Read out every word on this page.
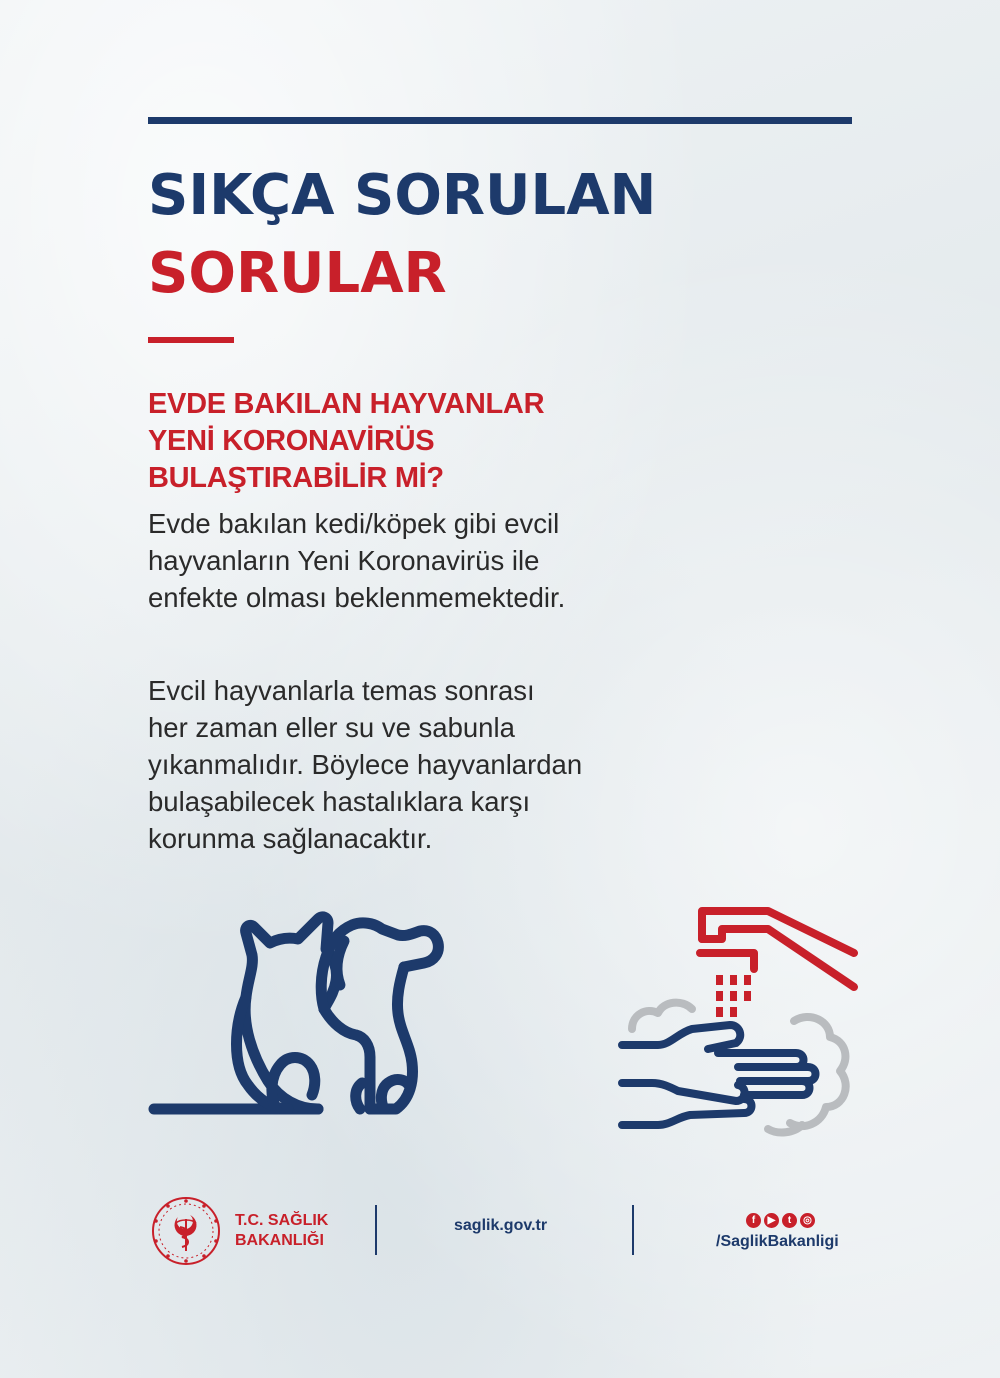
SIKÇA SORULAN
SORULAR
EVDE BAKILAN HAYVANLAR
YENİ KORONAVİRÜS
BULAŞTIRABİLİR Mİ?
Evde bakılan kedi/köpek gibi evcil
hayvanların Yeni Koronavirüs ile
enfekte olması beklenmemektedir.
Evcil hayvanlarla temas sonrası
her zaman eller su ve sabunla
yıkanmalıdır. Böylece hayvanlardan
bulaşabilecek hastalıklara karşı
korunma sağlanacaktır.
T.C. SAĞLIK
BAKANLIĞI
saglik.gov.tr	f	▶	t	◎
/SaglikBakanligi
